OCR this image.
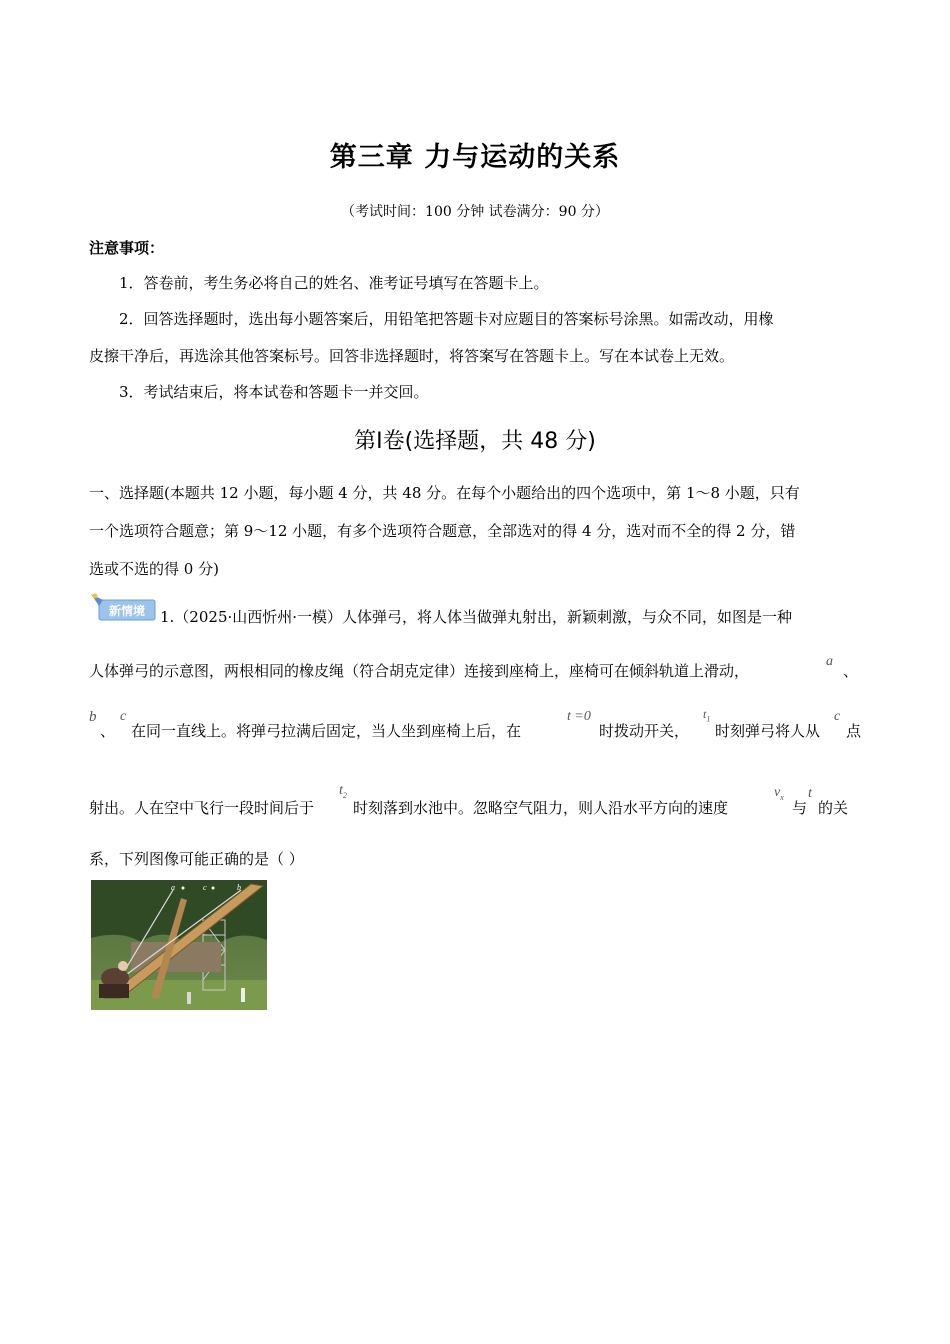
第三章 力与运动的关系
（考试时间：100 分钟 试卷满分：90 分）
注意事项：
1．答卷前，考生务必将自己的姓名、准考证号填写在答题卡上。
2．回答选择题时，选出每小题答案后，用铅笔把答题卡对应题目的答案标号涂黑。如需改动，用橡
皮擦干净后，再选涂其他答案标号。回答非选择题时，将答案写在答题卡上。写在本试卷上无效。
3．考试结束后，将本试卷和答题卡一并交回。
第Ⅰ卷(选择题，共 48 分)
一、选择题(本题共 12 小题，每小题 4 分，共 48 分。在每个小题给出的四个选项中，第 1～8 小题，只有
一个选项符合题意；第 9～12 小题，有多个选项符合题意，全部选对的得 4 分，选对而不全的得 2 分，错
选或不选的得 0 分)
新情境 1.（2025·山西忻州·一模）人体弹弓，将人体当做弹丸射出，新颖刺激，与众不同，如图是一种
人体弹弓的示意图，两根相同的橡皮绳（符合胡克定律）连接到座椅上，座椅可在倾斜轨道上滑动，
a
、
b
、
c
在同一直线上。将弹弓拉满后固定，当人坐到座椅上后，在
t =0
时拨动开关，
$t_1$
时刻弹弓将人从
c
点
射出。人在空中飞行一段时间后于
$t_2$
时刻落到水池中。忽略空气阻力，则人沿水平方向的速度
$v_x$
与
t
的关
系，下列图像可能正确的是（ ）
a	c	b
